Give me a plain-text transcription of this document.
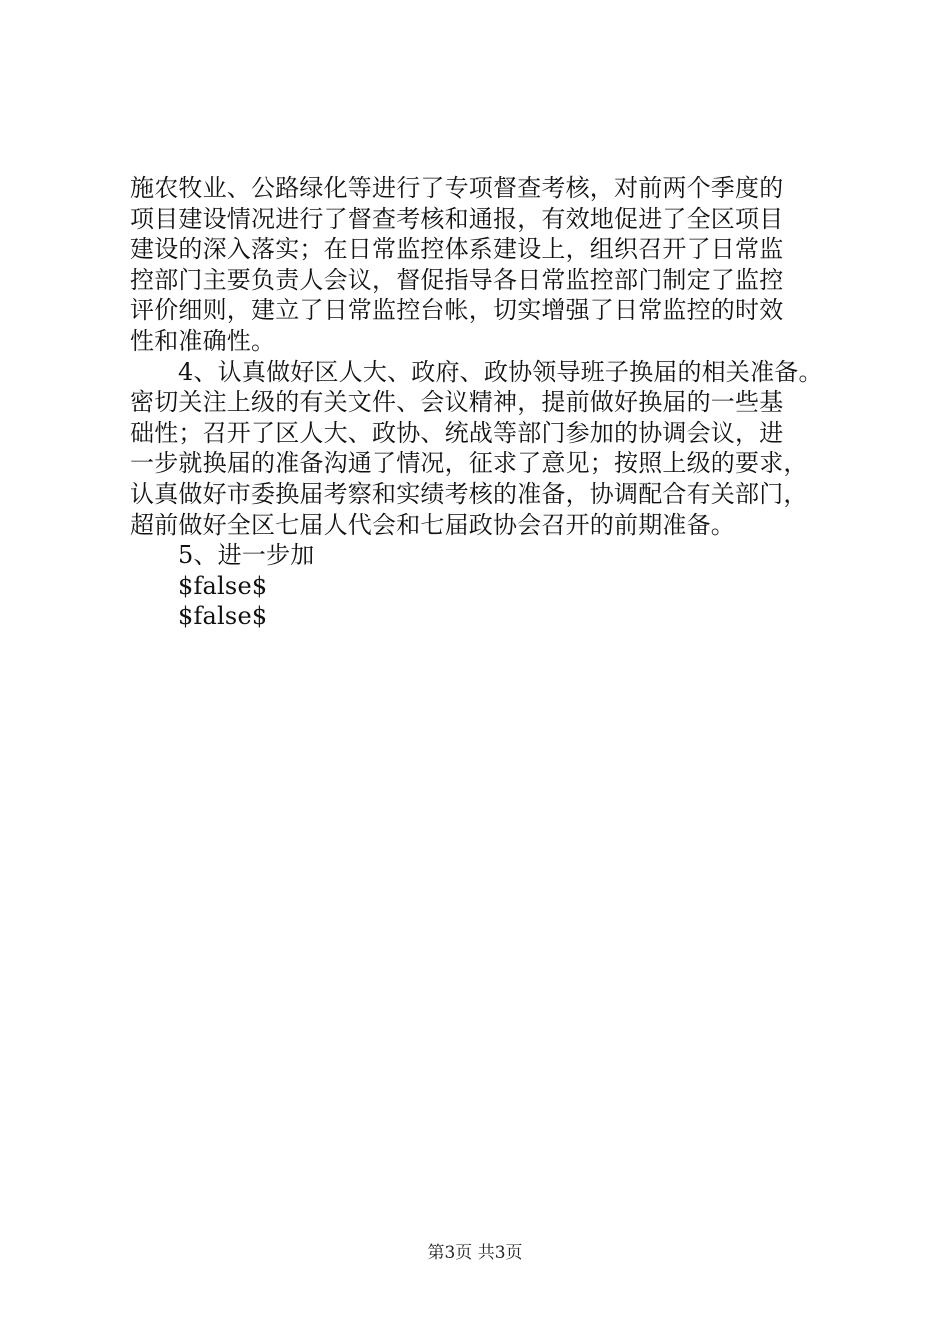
施农牧业、公路绿化等进行了专项督查考核，对前两个季度的
项目建设情况进行了督查考核和通报，有效地促进了全区项目
建设的深入落实；在日常监控体系建设上，组织召开了日常监
控部门主要负责人会议，督促指导各日常监控部门制定了监控
评价细则，建立了日常监控台帐，切实增强了日常监控的时效
性和准确性。
4、认真做好区人大、政府、政协领导班子换届的相关准备。
密切关注上级的有关文件、会议精神，提前做好换届的一些基
础性；召开了区人大、政协、统战等部门参加的协调会议，进
一步就换届的准备沟通了情况，征求了意见；按照上级的要求，
认真做好市委换届考察和实绩考核的准备，协调配合有关部门，
超前做好全区七届人代会和七届政协会召开的前期准备。
5、进一步加
$false$
$false$
第3页 共3页
